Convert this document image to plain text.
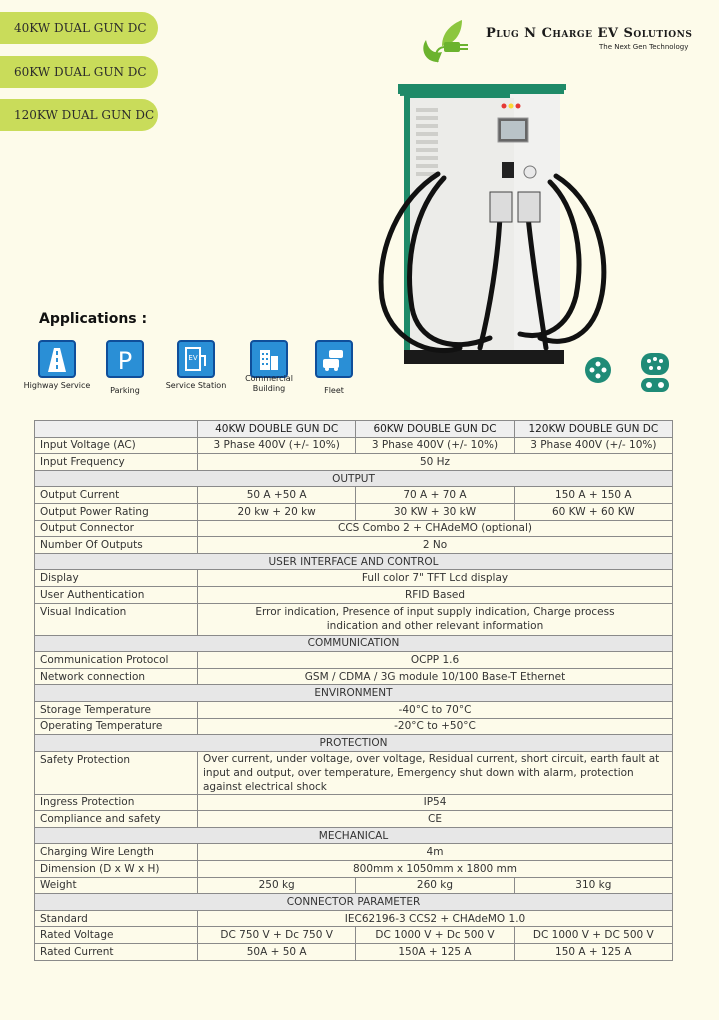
40KW DUAL GUN DC
60KW DUAL GUN DC
120KW DUAL GUN DC
Plug N Charge EV Solutions
The Next Gen Technology
Applications :
Highway Service
P
Parking
EV
Service Station
Commercial Building	Fleet
	40KW DOUBLE GUN DC	60KW DOUBLE GUN DC	120KW DOUBLE GUN DC
Input Voltage (AC)	3 Phase 400V (+/- 10%)	3 Phase 400V (+/- 10%)	3 Phase 400V (+/- 10%)
Input Frequency	50 Hz		
OUTPUT			
Output Current	50 A +50 A	70 A + 70 A	150 A + 150 A
Output Power Rating	20 kw + 20 kw	30 KW + 30 kW	60 KW + 60 KW
Output Connector	CCS Combo 2 + CHAdeMO (optional)		
Number Of Outputs	2 No		
USER INTERFACE AND CONTROL			
Display	Full color 7" TFT Lcd display		
User Authentication	RFID Based		
Visual Indication	Error indication, Presence of input supply indication, Charge process
indication and other relevant information		

COMMUNICATION			
Communication Protocol	OCPP 1.6		
Network connection	GSM / CDMA / 3G module 10/100 Base-T Ethernet		
ENVIRONMENT			
Storage Temperature	-40°C to 70°C		
Operating Temperature	-20°C to +50°C		
PROTECTION			
Safety Protection	Over current, under voltage, over voltage, Residual current, short circuit, earth fault at
input and output, over temperature, Emergency shut down with alarm, protection
against electrical shock		

Ingress Protection	IP54		
Compliance and safety	CE		
MECHANICAL			
Charging Wire Length	4m		
Dimension (D x W x H)	800mm x 1050mm x 1800 mm		
Weight	250 kg	260 kg	310 kg
CONNECTOR PARAMETER			
Standard	IEC62196-3 CCS2 + CHAdeMO 1.0		
Rated Voltage	DC 750 V + Dc 750 V	DC 1000 V + Dc 500 V	DC 1000 V + DC 500 V
Rated Current	50A + 50 A	150A + 125 A	150 A + 125 A
